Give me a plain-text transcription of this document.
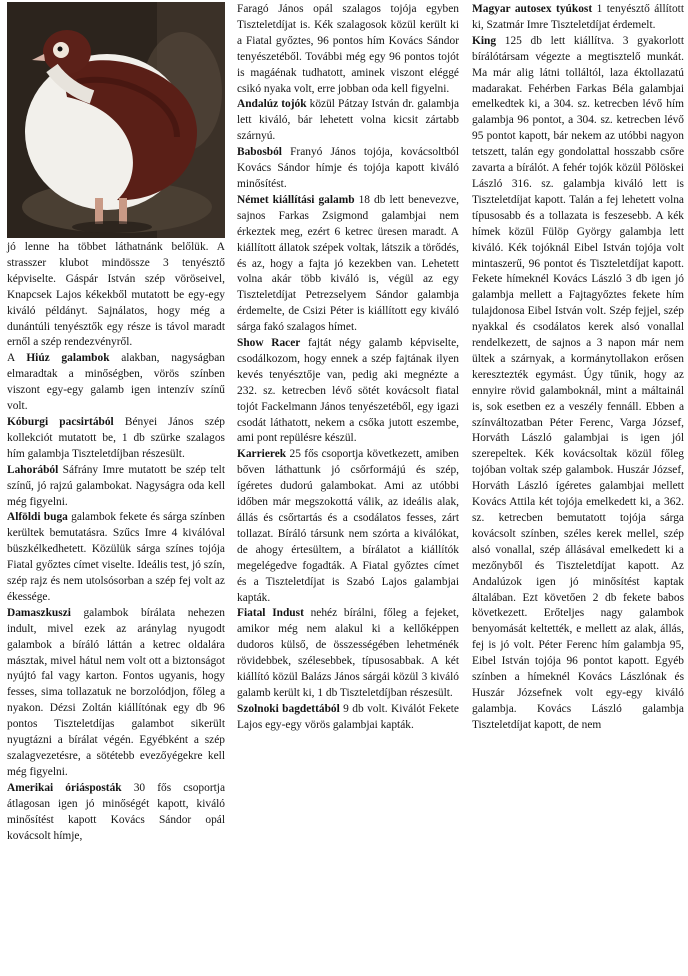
jó lenne ha többet láthatnánk belőlük. A strasszer klubot mindössze 3 tenyésztő képviselte. Gáspár István szép vöröseivel, Knapcsek Lajos kékekből mutatott be egy-egy kiváló példányt. Sajnálatos, hogy még a dunántúli tenyésztők egy része is távol maradt ernől a szép rendezvényről.

A Hiúz galambok alakban, nagyságban elmaradtak a minőségben, vörös színben viszont egy-egy galamb igen intenzív színű volt.

Kóburgi pacsirtából Bényei János szép kollekciót mutatott be, 1 db szürke szalagos hím galambja Tiszteletdíjban részesült.

Lahorából Sáfrány Imre mutatott be szép telt színű, jó rajzú galambokat. Nagyságra oda kell még figyelni.

Alföldi buga galambok fekete és sárga színben kerültek bemutatásra. Szűcs Imre 4 kiválóval büszkélkedhetett. Közülük sárga színes tojója Fiatal győztes címet viselte. Ideális test, jó szín, szép rajz és nem utolsósorban a szép fej volt az ékessége.

Damaszkuszi galambok bírálata nehezen indult, mivel ezek az aránylag nyugodt galambok a bíráló láttán a ketrec oldalára másztak, mivel hátul nem volt ott a biztonságot nyújtó fal vagy karton. Fontos ugyanis, hogy fesses, sima tollazatuk ne borzolódjon, főleg a nyakon. Dézsi Zoltán kiállítónak egy db 96 pontos Tiszteletdíjas galambot sikerült nyugtázni a bírálat végén. Egyébként a szép szalagvezetésre, a sötétebb evezőyégekre kell még figyelni.

Amerikai óriásposták 30 fős csoportja átlagosan igen jó minőségét kapott, kiváló minősítést kapott Kovács Sándor opál kovácsolt hímje,

Faragó János opál szalagos tojója egyben Tiszteletdíjat is. Kék szalagosok közül került ki a Fiatal győztes, 96 pontos hím Kovács Sándor tenyészetéből. További még egy 96 pontos tojót is magáénak tudhatott, aminek viszont eléggé csikó nyaka volt, erre jobban oda kell figyelni.

Andalúz tojók közül Pátzay István dr. galambja lett kiváló, bár lehetett volna kicsit zártabb szárnyú.

Babosból Franyó János tojója, kovácsoltból Kovács Sándor hímje és tojója kapott kiváló minősítést.

Német kiállítási galamb 18 db lett benevezve, sajnos Farkas Zsigmond galambjai nem érkeztek meg, ezért 6 ketrec üresen maradt. A kiállított állatok szépek voltak, látszik a törődés, és az, hogy a fajta jó kezekben van. Lehetett volna akár több kiváló is, végül az egy Tiszteletdíjat Petrezselyem Sándor galambja érdemelte, de Csizi Péter is kiállított egy kiváló sárga fakó szalagos hímet.

Show Racer fajtát négy galamb képviselte, csodálkozom, hogy ennek a szép fajtának ilyen kevés tenyésztője van, pedig aki megnézte a 232. sz. ketrecben lévő sötét kovácsolt fiatal tojót Fackelmann János tenyészetéből, egy igazi csodát láthatott, nekem a csőka jutott eszembe, ami pont repülésre készül.

Karrierek 25 fős csoportja következett, amiben bőven láthattunk jó csőrformájú és szép, ígéretes dudorú galambokat. Ami az utóbbi időben már megszokottá válik, az ideális alak, állás és csőrtartás és a csodálatos fesses, zárt tollazat. Bíráló társunk nem szórta a kiválókat, de ahogy értesültem, a bírálatot a kiállítók megelégedve fogadták. A Fiatal győztes címet és a Tiszteletdíjat is Szabó Lajos galambjai kapták.

Fiatal Indust nehéz bírálni, főleg a fejeket, amikor még nem alakul ki a kellőképpen dudoros külső, de összességében lehetménék rövidebbek, szélesebbek, típusosabbak. A két kiállító közül Balázs János sárgái közül 3 kiváló galamb került ki, 1 db Tiszteletdíjban részesült.

Szolnoki bagdettából 9 db volt. Kiválót Fekete Lajos egy-egy vörös galambjai kapták.

Magyar autosex tyúkost 1 tenyésztő állított ki, Szatmár Imre Tiszteletdíjat érdemelt.

King 125 db lett kiállítva. 3 gyakorlott bírálótársam végezte a megtisztelő munkát. Ma már alig látni tolláltól, laza éktollazatú madarakat. Fehérben Farkas Béla galambjai emelkedtek ki, a 304. sz. ketrecben lévő hím galambja 96 pontot, a 304. sz. ketrecben lévő 95 pontot kapott, bár nekem az utóbbi nagyon tetszett, talán egy gondolattal hosszabb csőre zavarta a bírálót. A fehér tojók közül Pölöskei László 316. sz. galambja kiváló lett is Tiszteletdíjat kapott. Talán a fej lehetett volna típusosabb és a tollazata is feszesebb. A kék hímek közül Fülöp György galambja lett kiváló. Kék tojóknál Eibel István tojója volt mintaszerű, 96 pontot és Tiszteletdíjat kapott. Fekete hímeknél Kovács László 3 db igen jó galambja mellett a Fajtagyőztes fekete hím tulajdonosa Eibel István volt. Szép fejjel, szép nyakkal és csodálatos kerek alsó vonallal rendelkezett, de sajnos a 3 napon már nem ültek a szárnyak, a kormánytollakon erősen keresztezték egymást. Úgy tűnik, hogy az ennyire rövid galamboknál, mint a máltainál is, sok esetben ez a veszély fennáll. Ebben a színváltozatban Péter Ferenc, Varga József, Horváth László galambjai is igen jól szerepeltek. Kék kovácsoltak közül főleg tojóban voltak szép galambok. Huszár József, Horváth László ígéretes galambjai mellett Kovács Attila két tojója emelkedett ki, a 362. sz. ketrecben bemutatott tojója sárga kovácsolt színben, széles kerek mellel, szép alsó vonallal, szép állásával emelkedett ki a mezőnyből és Tiszteletdíjat kapott. Az Andalúzok igen jó minősítést kaptak általában. Ezt követően 2 db fekete babos következett. Erőteljes nagy galambok benyomását keltették, e mellett az alak, állás, fej is jó volt. Péter Ferenc hím galambja 95, Eibel István tojója 96 pontot kapott. Egyéb színben a hímeknél Kovács Lászlónak és Huszár Józsefnek volt egy-egy kiváló galambja. Kovács László galambja Tiszteletdíjat kapott, de nem
